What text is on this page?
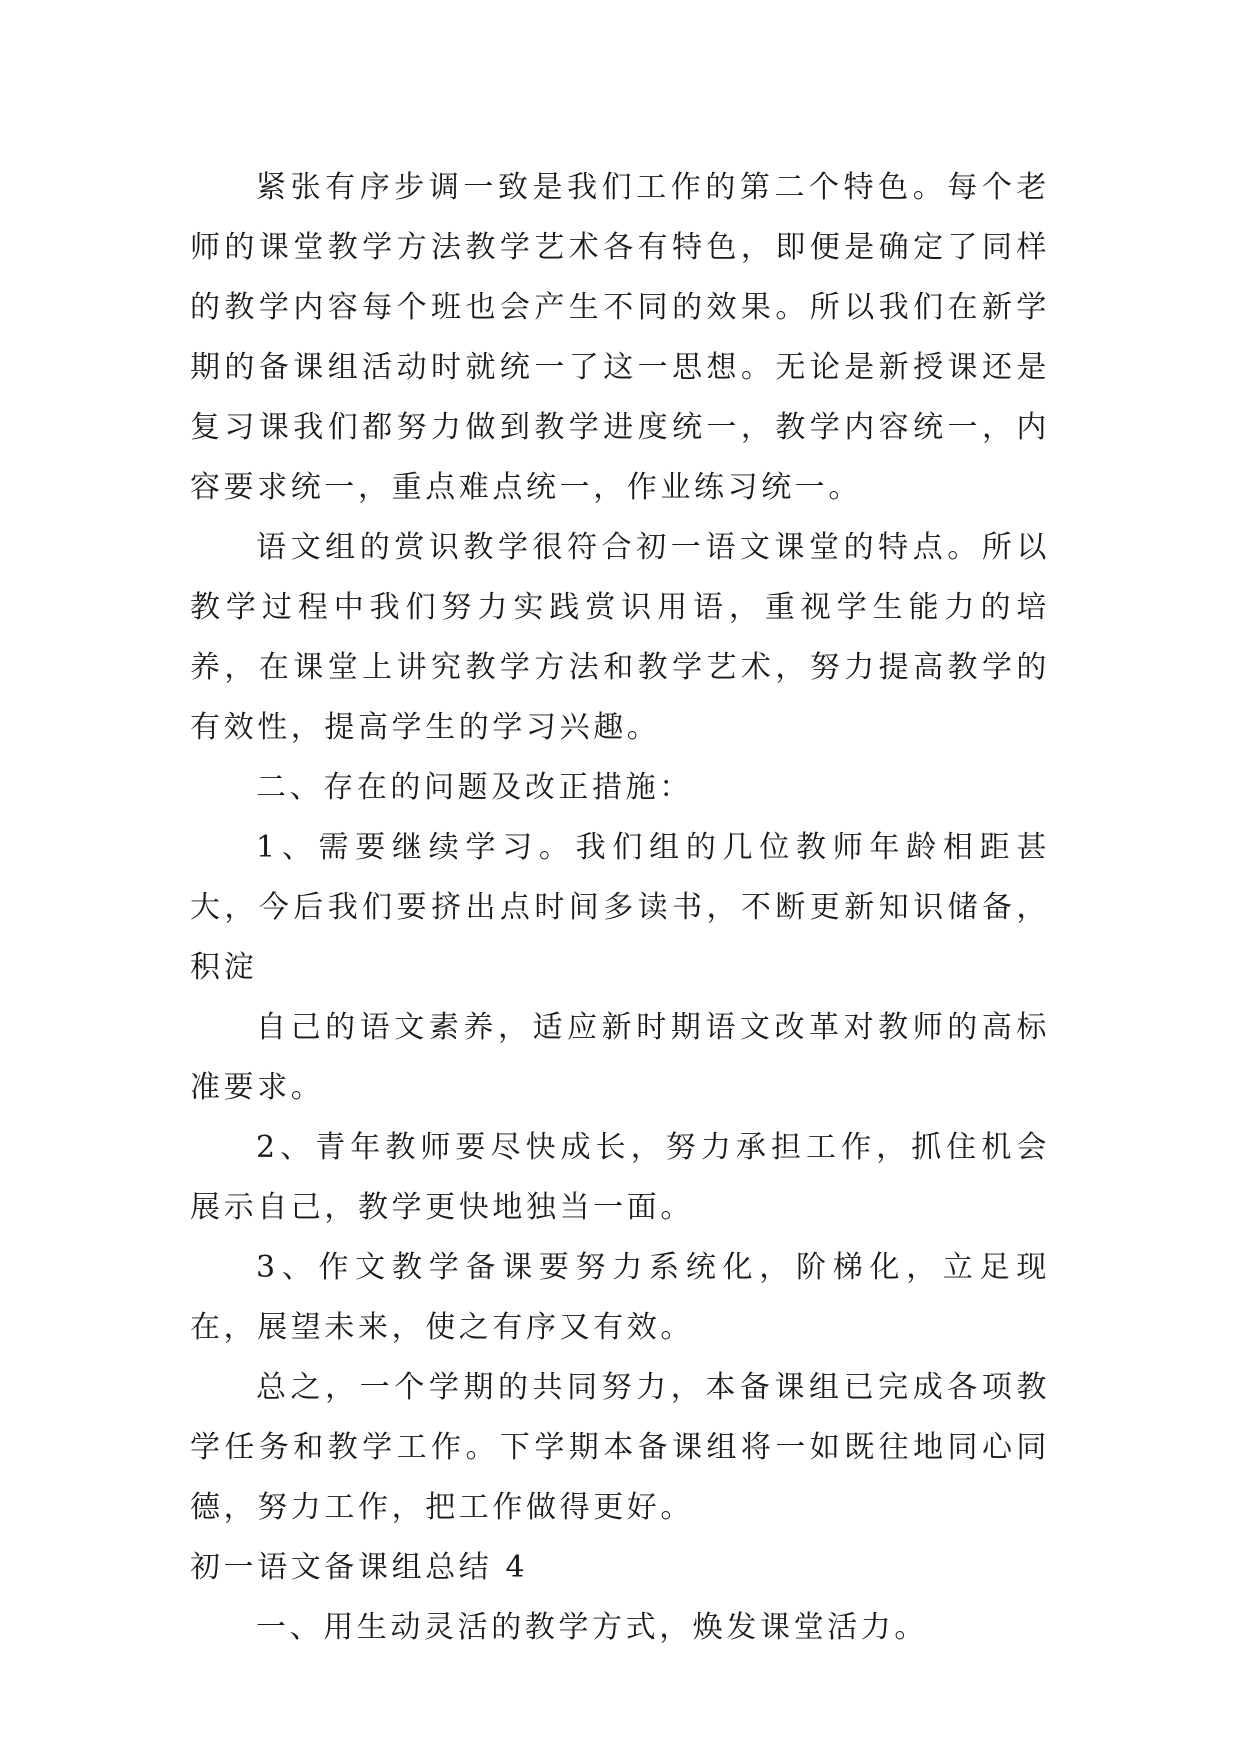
紧张有序步调一致是我们工作的第二个特色。每个老师的课堂教学方法教学艺术各有特色，即便是确定了同样的教学内容每个班也会产生不同的效果。所以我们在新学期的备课组活动时就统一了这一思想。无论是新授课还是复习课我们都努力做到教学进度统一，教学内容统一，内容要求统一，重点难点统一，作业练习统一。

语文组的赏识教学很符合初一语文课堂的特点。所以教学过程中我们努力实践赏识用语，重视学生能力的培养，在课堂上讲究教学方法和教学艺术，努力提高教学的有效性，提高学生的学习兴趣。

二、存在的问题及改正措施：

1、需要继续学习。我们组的几位教师年龄相距甚大，今后我们要挤出点时间多读书，不断更新知识储备，积淀

自己的语文素养，适应新时期语文改革对教师的高标准要求。

2、青年教师要尽快成长，努力承担工作，抓住机会展示自己，教学更快地独当一面。

3、作文教学备课要努力系统化，阶梯化，立足现在，展望未来，使之有序又有效。

总之，一个学期的共同努力，本备课组已完成各项教学任务和教学工作。下学期本备课组将一如既往地同心同德，努力工作，把工作做得更好。

初一语文备课组总结 4

一、用生动灵活的教学方式，焕发课堂活力。
